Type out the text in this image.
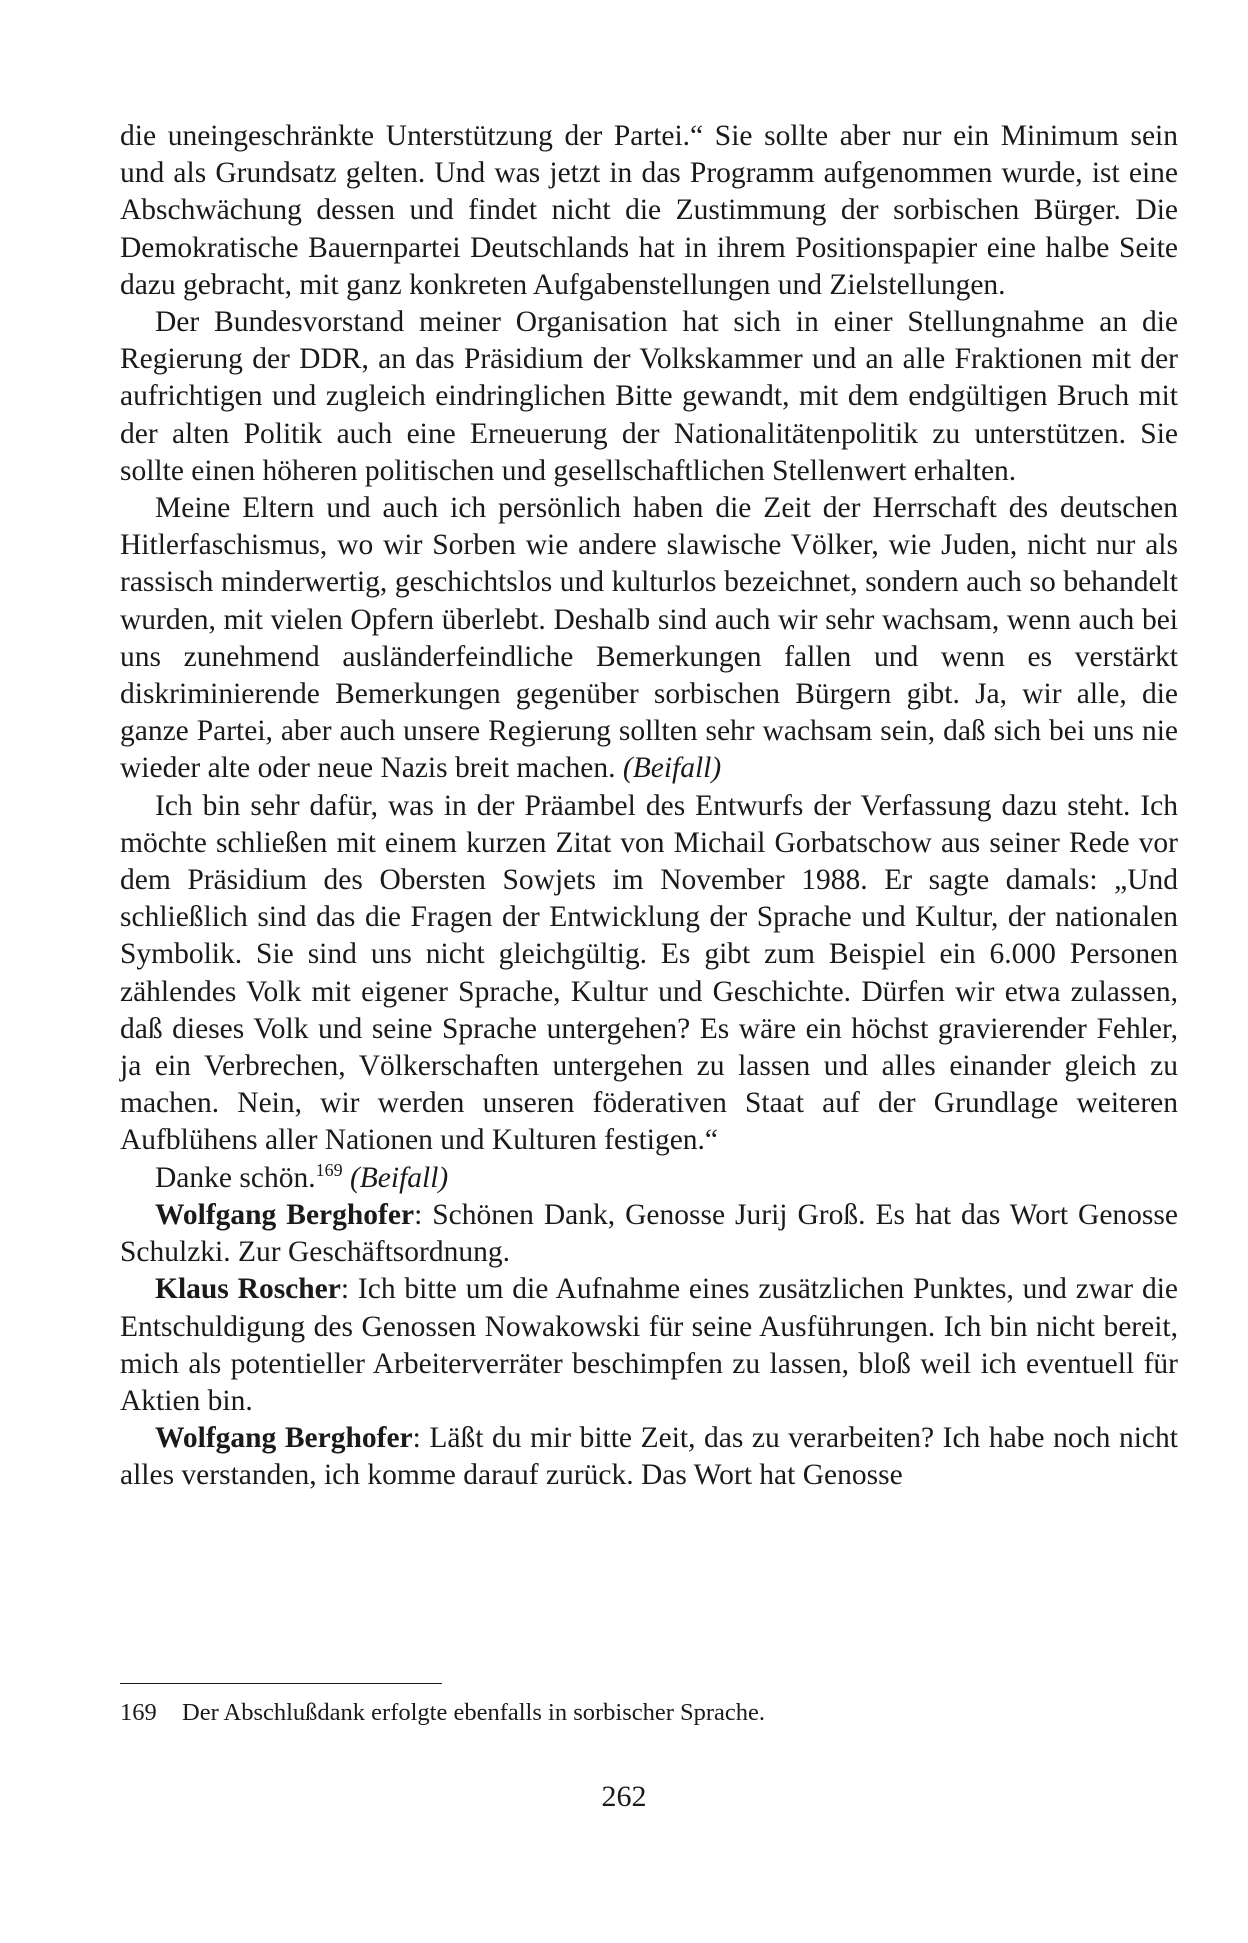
die uneingeschränkte Unterstützung der Partei.“ Sie sollte aber nur ein Minimum sein und als Grundsatz gelten. Und was jetzt in das Programm aufgenommen wurde, ist eine Abschwächung dessen und findet nicht die Zustimmung der sorbischen Bürger. Die Demokratische Bauernpartei Deutschlands hat in ihrem Positionspapier eine halbe Seite dazu gebracht, mit ganz konkreten Aufgabenstellungen und Zielstellungen.

Der Bundesvorstand meiner Organisation hat sich in einer Stellungnahme an die Regierung der DDR, an das Präsidium der Volkskammer und an alle Fraktionen mit der aufrichtigen und zugleich eindringlichen Bitte gewandt, mit dem endgültigen Bruch mit der alten Politik auch eine Erneuerung der Nationalitätenpolitik zu unterstützen. Sie sollte einen höheren politischen und gesellschaftlichen Stellenwert erhalten.

Meine Eltern und auch ich persönlich haben die Zeit der Herrschaft des deutschen Hitlerfaschismus, wo wir Sorben wie andere slawische Völker, wie Juden, nicht nur als rassisch minderwertig, geschichtslos und kulturlos bezeichnet, sondern auch so behandelt wurden, mit vielen Opfern überlebt. Deshalb sind auch wir sehr wachsam, wenn auch bei uns zunehmend ausländerfeindliche Bemerkungen fallen und wenn es verstärkt diskriminierende Bemerkungen gegenüber sorbischen Bürgern gibt. Ja, wir alle, die ganze Partei, aber auch unsere Regierung sollten sehr wachsam sein, daß sich bei uns nie wieder alte oder neue Nazis breit machen. (Beifall)

Ich bin sehr dafür, was in der Präambel des Entwurfs der Verfassung dazu steht. Ich möchte schließen mit einem kurzen Zitat von Michail Gorbatschow aus seiner Rede vor dem Präsidium des Obersten Sowjets im November 1988. Er sagte damals: „Und schließlich sind das die Fragen der Entwicklung der Sprache und Kultur, der nationalen Symbolik. Sie sind uns nicht gleichgültig. Es gibt zum Beispiel ein 6.000 Personen zählendes Volk mit eigener Sprache, Kultur und Geschichte. Dürfen wir etwa zulassen, daß dieses Volk und seine Sprache untergehen? Es wäre ein höchst gravierender Fehler, ja ein Verbrechen, Völkerschaften untergehen zu lassen und alles einander gleich zu machen. Nein, wir werden unseren föderativen Staat auf der Grundlage weiteren Aufblühens aller Nationen und Kulturen festigen.“

Danke schön.$^{169}$ (Beifall)

Wolfgang Berghofer: Schönen Dank, Genosse Jurij Groß. Es hat das Wort Genosse Schulzki. Zur Geschäftsordnung.

Klaus Roscher: Ich bitte um die Aufnahme eines zusätzlichen Punktes, und zwar die Entschuldigung des Genossen Nowakowski für seine Ausführungen. Ich bin nicht bereit, mich als potentieller Arbeiterverräter beschimpfen zu lassen, bloß weil ich eventuell für Aktien bin.

Wolfgang Berghofer: Läßt du mir bitte Zeit, das zu verarbeiten? Ich habe noch nicht alles verstanden, ich komme darauf zurück. Das Wort hat Genosse

169 Der Abschlußdank erfolgte ebenfalls in sorbischer Sprache.

262
